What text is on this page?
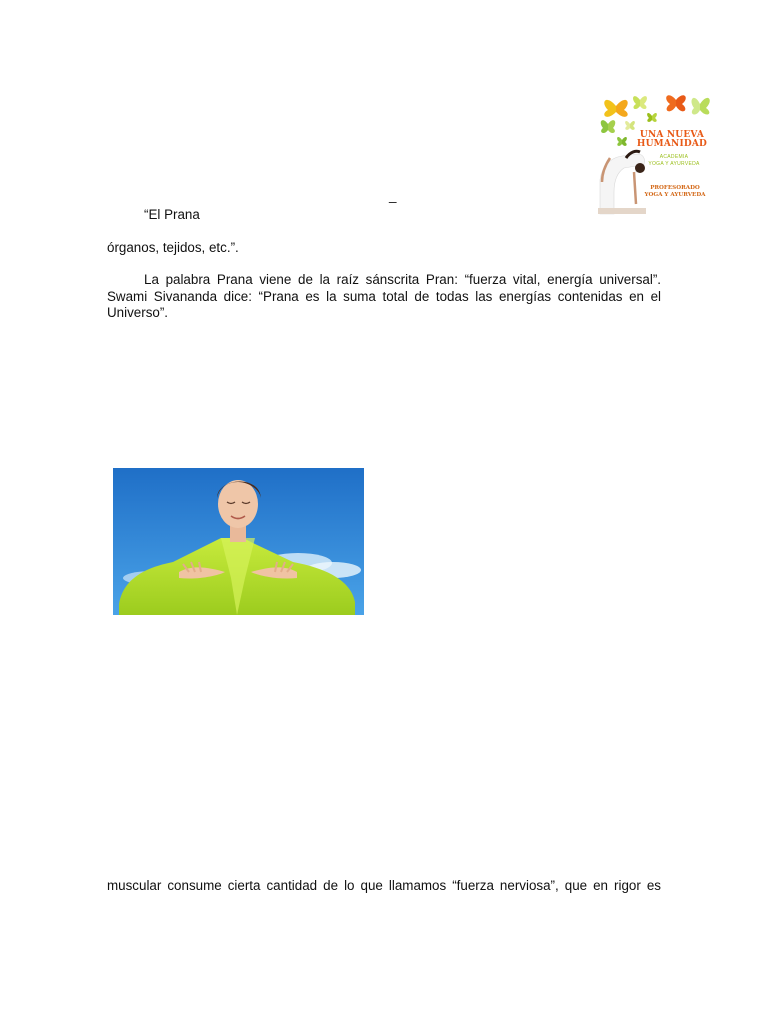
UNA NUEVA
HUMANIDAD
ACADEMIA
YOGA Y AYURVEDA
PROFESORADO
YOGA Y AYURVEDA
_
“El Prana
órganos, tejidos, etc.”.
La palabra Prana viene de la raíz sánscrita Pran: “fuerza vital, energía universal”.
Swami Sivananda dice: “Prana es la suma total de todas las energías contenidas en el
Universo”.
muscular consume cierta cantidad de lo que llamamos “fuerza nerviosa”, que en rigor es
